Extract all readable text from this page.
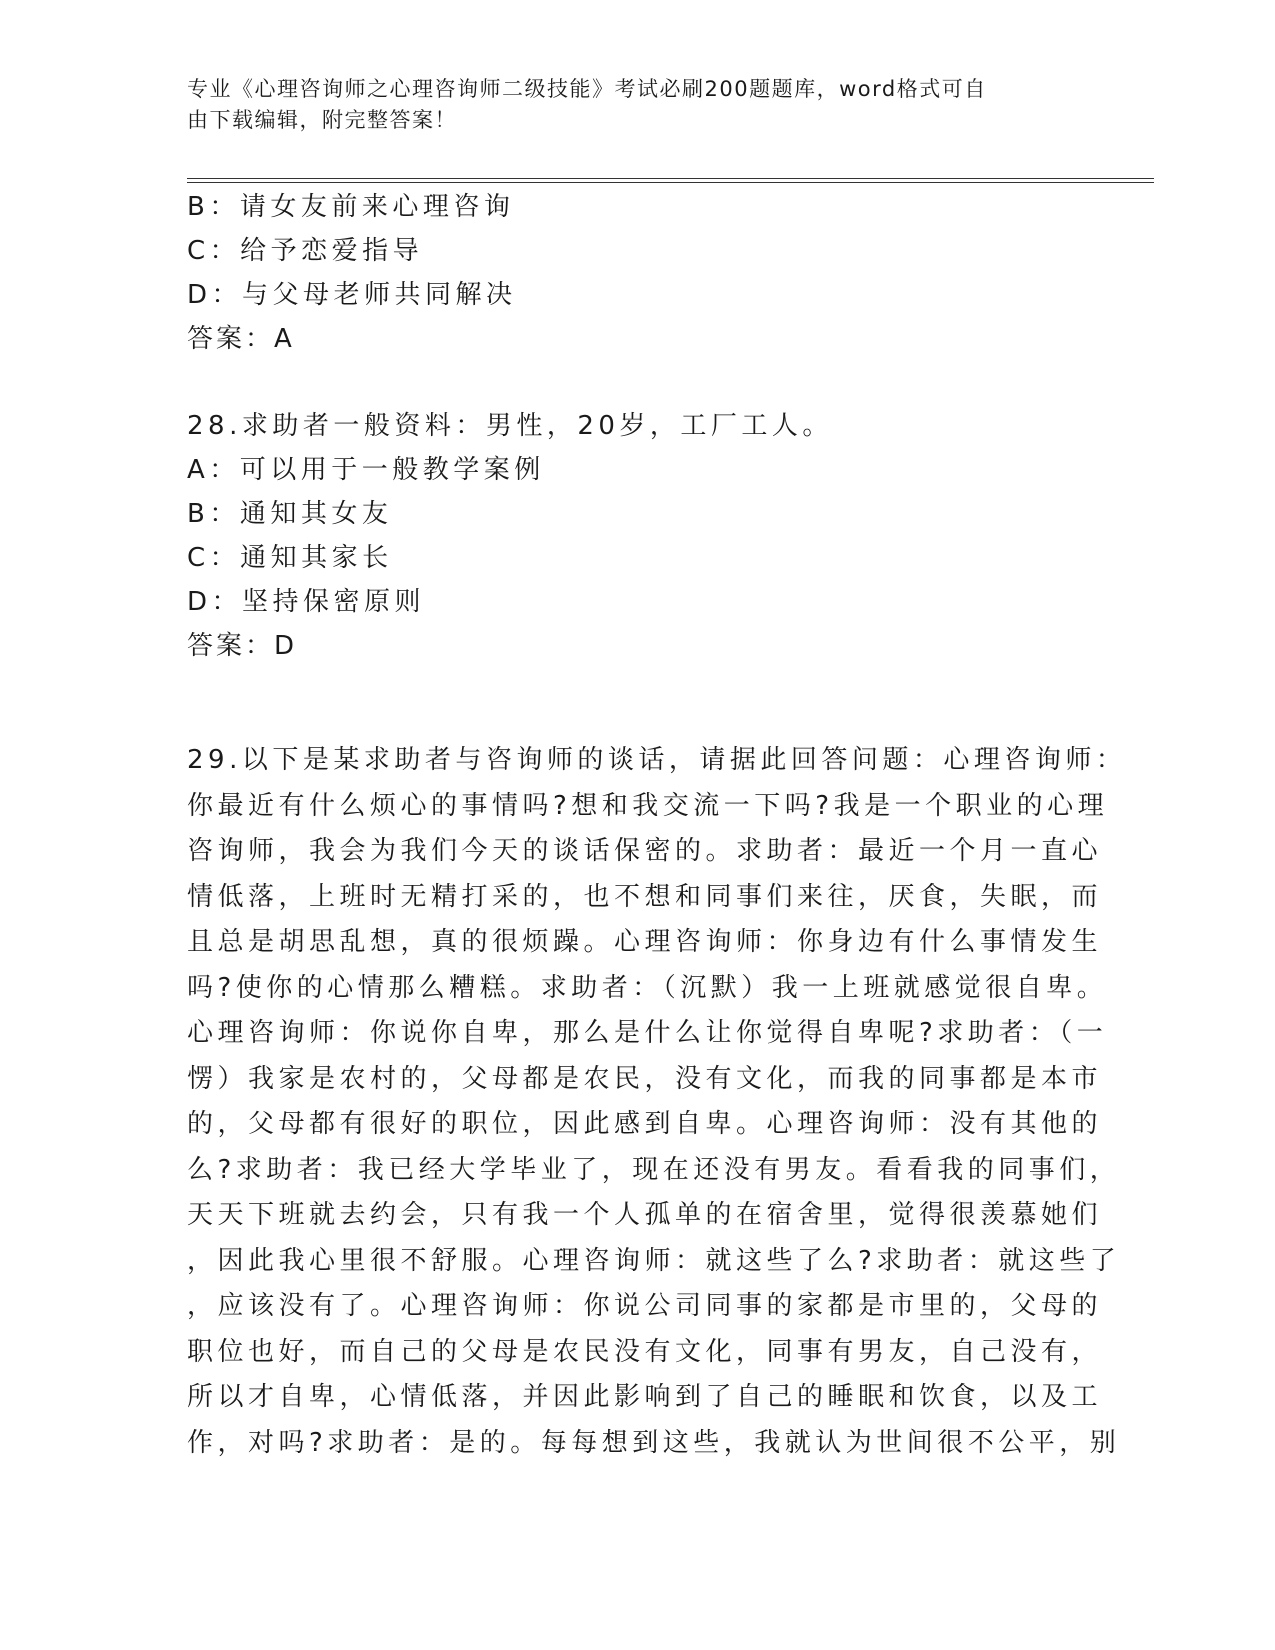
专业《心理咨询师之心理咨询师二级技能》考试必刷200题题库，word格式可自
由下载编辑，附完整答案！
B：请女友前来心理咨询
C：给予恋爱指导
D：与父母老师共同解决
答案：A
28.求助者一般资料：男性，20岁，工厂工人。
A：可以用于一般教学案例
B：通知其女友
C：通知其家长
D：坚持保密原则
答案：D
29.以下是某求助者与咨询师的谈话，请据此回答问题：心理咨询师：
你最近有什么烦心的事情吗?想和我交流一下吗?我是一个职业的心理
咨询师，我会为我们今天的谈话保密的。求助者：最近一个月一直心
情低落，上班时无精打采的，也不想和同事们来往，厌食，失眠，而
且总是胡思乱想，真的很烦躁。心理咨询师：你身边有什么事情发生
吗?使你的心情那么糟糕。求助者：（沉默）我一上班就感觉很自卑。
心理咨询师：你说你自卑，那么是什么让你觉得自卑呢?求助者：（一
愣）我家是农村的，父母都是农民，没有文化，而我的同事都是本市
的，父母都有很好的职位，因此感到自卑。心理咨询师：没有其他的
么?求助者：我已经大学毕业了，现在还没有男友。看看我的同事们，
天天下班就去约会，只有我一个人孤单的在宿舍里，觉得很羡慕她们
，因此我心里很不舒服。心理咨询师：就这些了么?求助者：就这些了
，应该没有了。心理咨询师：你说公司同事的家都是市里的，父母的
职位也好，而自己的父母是农民没有文化，同事有男友，自己没有，
所以才自卑，心情低落，并因此影响到了自己的睡眠和饮食，以及工
作，对吗?求助者：是的。每每想到这些，我就认为世间很不公平，别
